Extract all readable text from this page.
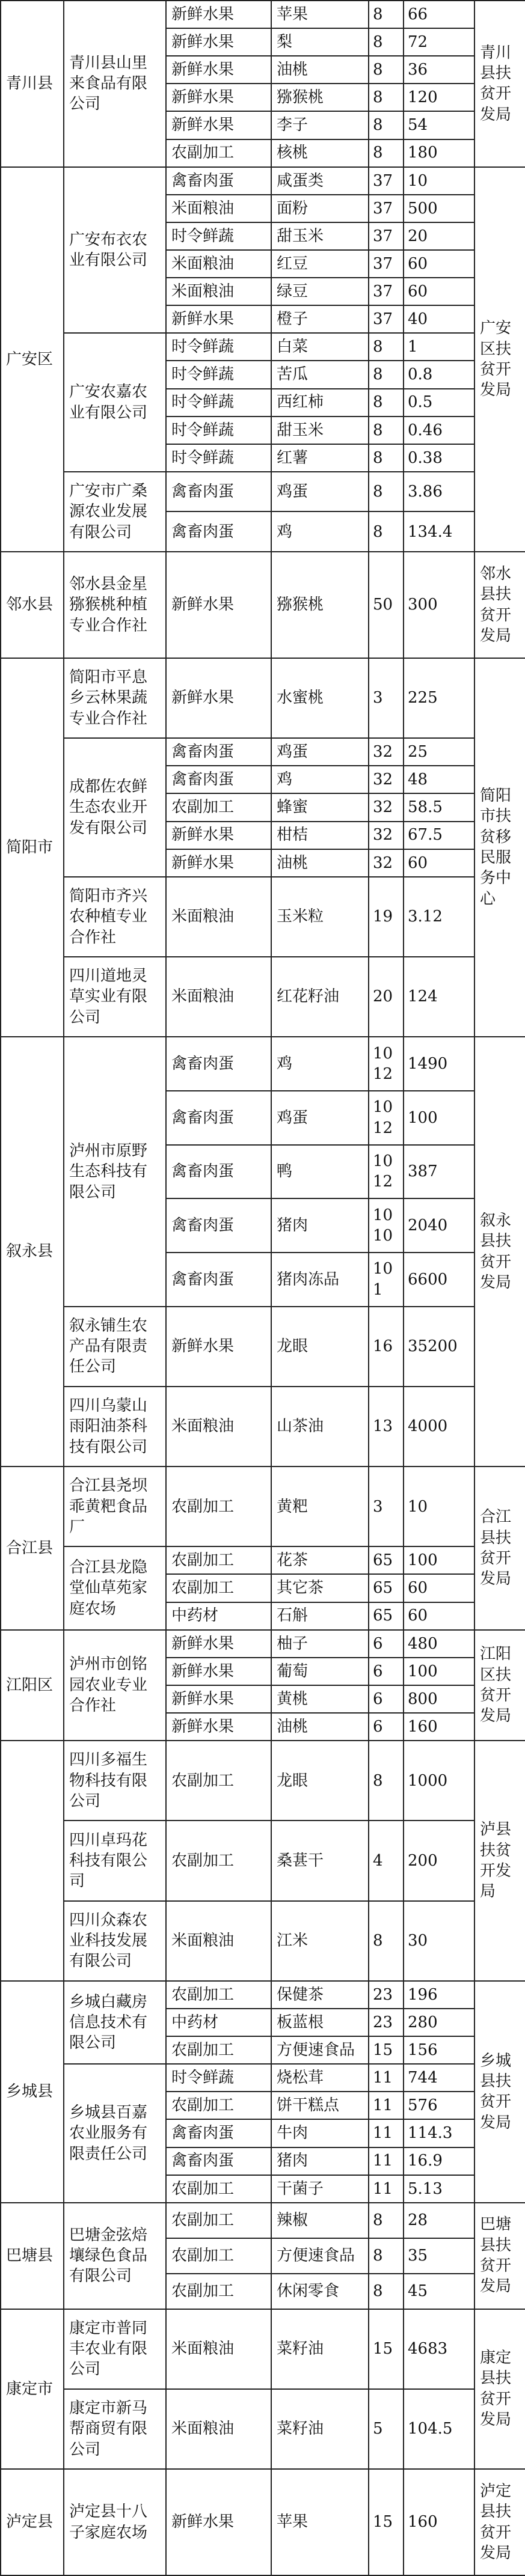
青川县	青川县山里来食品有限公司	新鲜水果	苹果	8	66	青川县扶贫开发局
		新鲜水果	梨	8	72	
		新鲜水果	油桃	8	36	
		新鲜水果	猕猴桃	8	120	
		新鲜水果	李子	8	54	
		农副加工	核桃	8	180	
广安区	广安布衣农业有限公司	禽畜肉蛋	咸蛋类	37	10	广安区扶贫开发局
		米面粮油	面粉	37	500	
		时令鲜蔬	甜玉米	37	20	
		米面粮油	红豆	37	60	
		米面粮油	绿豆	37	60	
		新鲜水果	橙子	37	40	
	广安农嘉农业有限公司	时令鲜蔬	白菜	8	1	
		时令鲜蔬	苦瓜	8	0.8	
		时令鲜蔬	西红柿	8	0.5	
		时令鲜蔬	甜玉米	8	0.46	
		时令鲜蔬	红薯	8	0.38	
	广安市广桑源农业发展有限公司	禽畜肉蛋	鸡蛋	8	3.86	
		禽畜肉蛋	鸡	8	134.4	
邻水县	邻水县金星猕猴桃种植专业合作社	新鲜水果	猕猴桃	50	300	邻水县扶贫开发局
简阳市	简阳市平息乡云林果蔬专业合作社	新鲜水果	水蜜桃	3	225	简阳市扶贫移民服务中心
	成都佐农鲜生态农业开发有限公司	禽畜肉蛋	鸡蛋	32	25	
		禽畜肉蛋	鸡	32	48	
		农副加工	蜂蜜	32	58.5	
		新鲜水果	柑桔	32	67.5	
		新鲜水果	油桃	32	60	
	简阳市齐兴农种植专业合作社	米面粮油	玉米粒	19	3.12	
	四川道地灵草实业有限公司	米面粮油	红花籽油	20	124	
叙永县	泸州市原野生态科技有限公司	禽畜肉蛋	鸡	1012	1490	叙永县扶贫开发局
		禽畜肉蛋	鸡蛋	1012	100	
		禽畜肉蛋	鸭	1012	387	
		禽畜肉蛋	猪肉	1010	2040	
		禽畜肉蛋	猪肉冻品	101	6600	
	叙永铺生农产品有限责任公司	新鲜水果	龙眼	16	35200	
	四川乌蒙山雨阳油茶科技有限公司	米面粮油	山茶油	13	4000	
合江县	合江县尧坝乖黄粑食品厂	农副加工	黄粑	3	10	合江县扶贫开发局
	合江县龙隐堂仙草苑家庭农场	农副加工	花茶	65	100	
		农副加工	其它茶	65	60	
		中药材	石斛	65	60	
江阳区	泸州市创铭园农业专业合作社	新鲜水果	柚子	6	480	江阳区扶贫开发局
		新鲜水果	葡萄	6	100	
		新鲜水果	黄桃	6	800	
		新鲜水果	油桃	6	160	
	四川多福生物科技有限公司	农副加工	龙眼	8	1000	泸县扶贫开发局
	四川卓玛花科技有限公司	农副加工	桑葚干	4	200	
	四川众森农业科技发展有限公司	米面粮油	江米	8	30	
乡城县	乡城白藏房信息技术有限公司	农副加工	保健茶	23	196	乡城县扶贫开发局
		中药材	板蓝根	23	280	
		农副加工	方便速食品	15	156	
	乡城县百嘉农业服务有限责任公司	时令鲜蔬	烧松茸	11	744	
		农副加工	饼干糕点	11	576	
		禽畜肉蛋	牛肉	11	114.3	
		禽畜肉蛋	猪肉	11	16.9	
		农副加工	干菌子	11	5.13	
巴塘县	巴塘金弦焙壤绿色食品有限公司	农副加工	辣椒	8	28	巴塘县扶贫开发局
		农副加工	方便速食品	8	35	
		农副加工	休闲零食	8	45	
康定市	康定市普同丰农业有限公司	米面粮油	菜籽油	15	4683	康定县扶贫开发局
	康定市新马帮商贸有限公司	米面粮油	菜籽油	5	104.5	
泸定县	泸定县十八子家庭农场	新鲜水果	苹果	15	160	泸定县扶贫开发局
